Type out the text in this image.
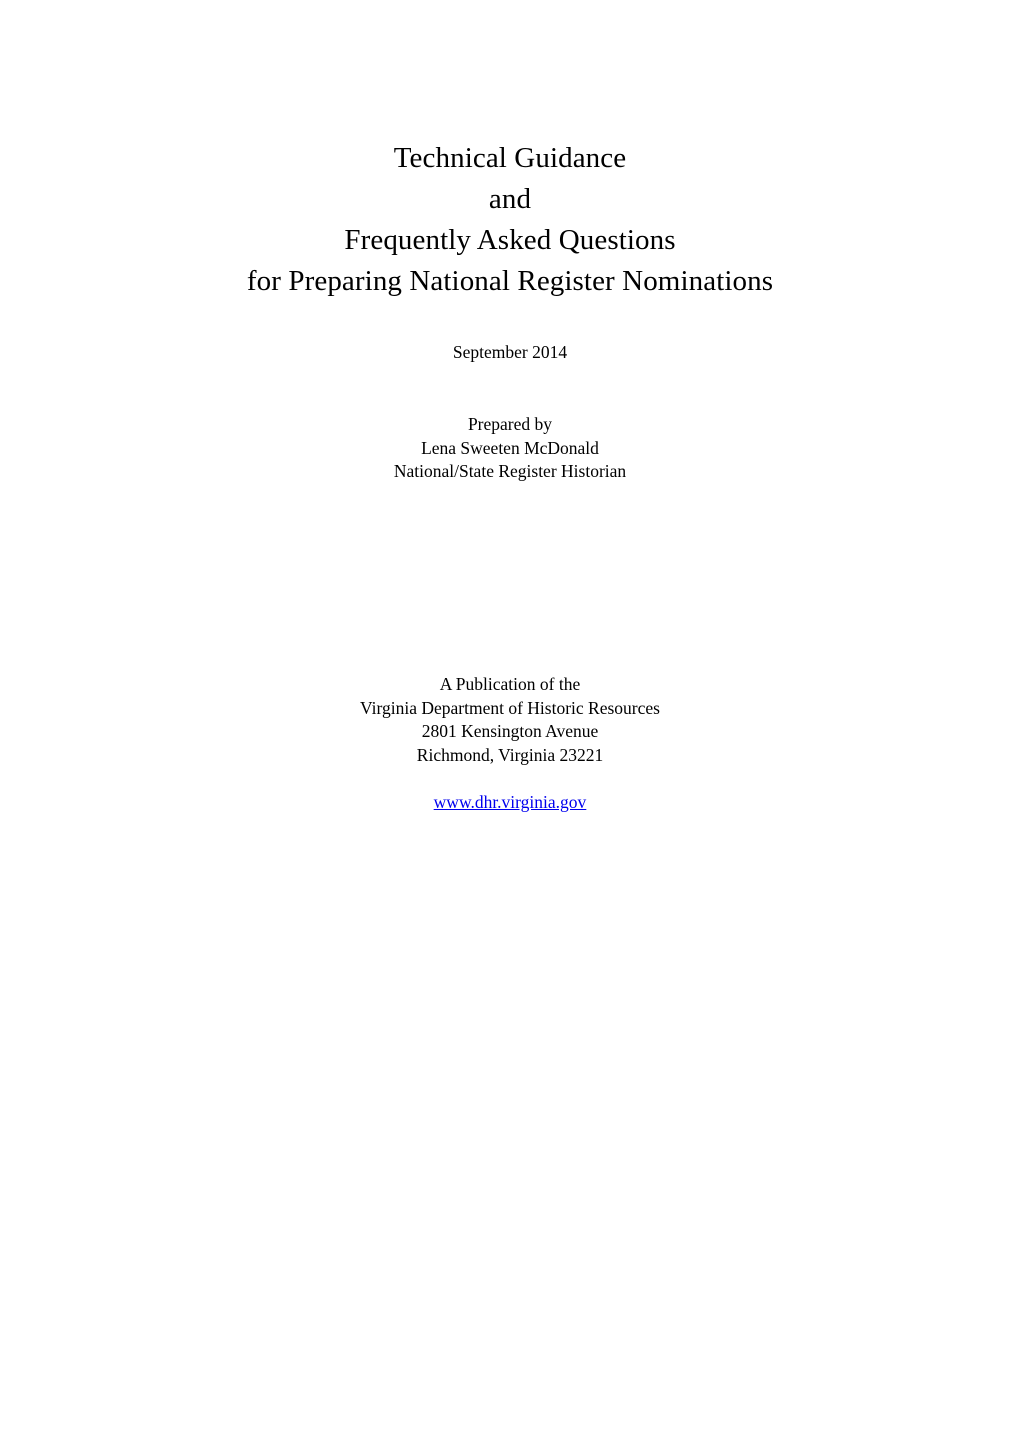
Technical Guidance
and
Frequently Asked Questions
for Preparing National Register Nominations
September 2014
Prepared by
Lena Sweeten McDonald
National/State Register Historian
A Publication of the
Virginia Department of Historic Resources
2801 Kensington Avenue
Richmond, Virginia 23221
www.dhr.virginia.gov
